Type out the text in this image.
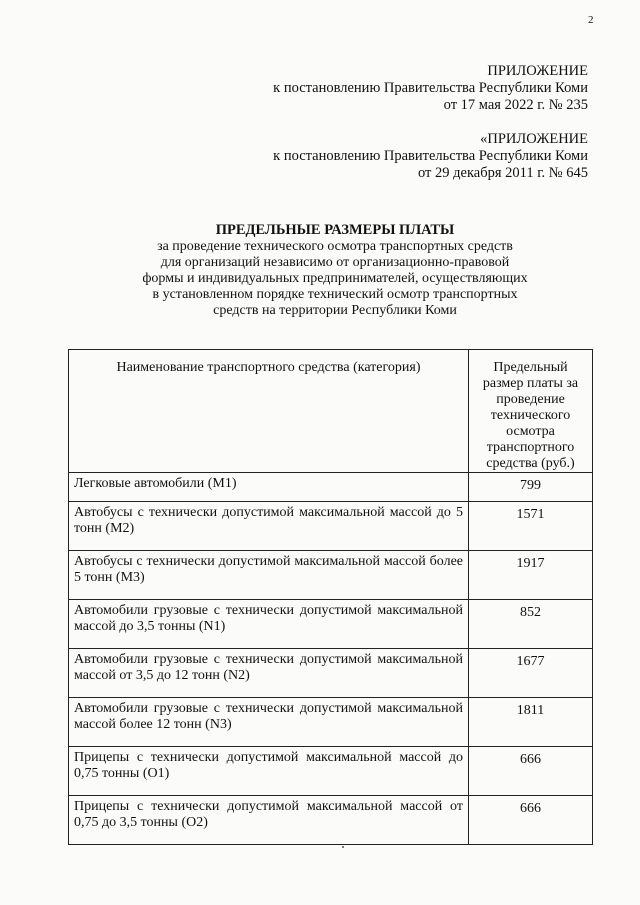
2
ПРИЛОЖЕНИЕ
к постановлению Правительства Республики Коми
от 17 мая 2022 г. № 235
«ПРИЛОЖЕНИЕ
к постановлению Правительства Республики Коми
от 29 декабря 2011 г. № 645
ПРЕДЕЛЬНЫЕ РАЗМЕРЫ ПЛАТЫ
за проведение технического осмотра транспортных средств
для организаций независимо от организационно-правовой
формы и индивидуальных предпринимателей, осуществляющих
в установленном порядке технический осмотр транспортных
средств на территории Республики Коми
Наименование транспортного средства (категория)	Предельный размер платы за проведение технического осмотра транспортного средства (руб.)
Легковые автомобили (M1)	799
Автобусы с технически допустимой максимальной массой до 5 тонн (M2)	1571
Автобусы с технически допустимой максимальной массой более 5 тонн (M3)	1917
Автомобили грузовые с технически допустимой максимальной массой до 3,5 тонны (N1)	852
Автомобили грузовые с технически допустимой максимальной массой от 3,5 до 12 тонн (N2)	1677
Автомобили грузовые с технически допустимой максимальной массой более 12 тонн (N3)	1811
Прицепы с технически допустимой максимальной массой до 0,75 тонны (O1)	666
Прицепы с технически допустимой максимальной массой от 0,75 до 3,5 тонны (O2)	666
